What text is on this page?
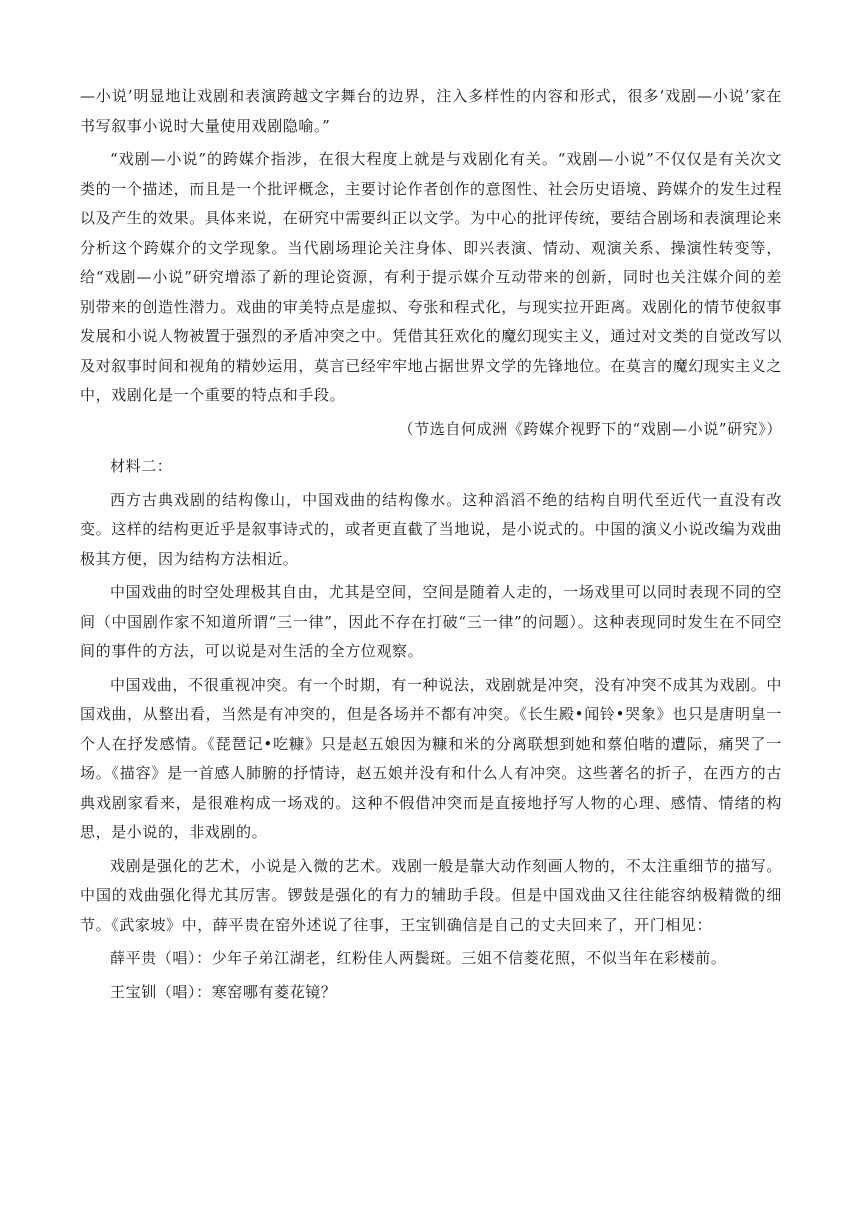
—小说’明显地让戏剧和表演跨越文字舞台的边界，注入多样性的内容和形式，很多‘戏剧—小说’家在书写叙事小说时大量使用戏剧隐喻。”

“戏剧—小说”的跨媒介指涉，在很大程度上就是与戏剧化有关。“戏剧—小说”不仅仅是有关次文类的一个描述，而且是一个批评概念，主要讨论作者创作的意图性、社会历史语境、跨媒介的发生过程以及产生的效果。具体来说，在研究中需要纠正以文学。为中心的批评传统，要结合剧场和表演理论来分析这个跨媒介的文学现象。当代剧场理论关注身体、即兴表演、情动、观演关系、操演性转变等，给“戏剧—小说”研究增添了新的理论资源，有利于提示媒介互动带来的创新，同时也关注媒介间的差别带来的创造性潜力。戏曲的审美特点是虚拟、夸张和程式化，与现实拉开距离。戏剧化的情节使叙事发展和小说人物被置于强烈的矛盾冲突之中。凭借其狂欢化的魔幻现实主义，通过对文类的自觉改写以及对叙事时间和视角的精妙运用，莫言已经牢牢地占据世界文学的先锋地位。在莫言的魔幻现实主义之中，戏剧化是一个重要的特点和手段。

（节选自何成洲《跨媒介视野下的“戏剧—小说”研究》）

材料二：

西方古典戏剧的结构像山，中国戏曲的结构像水。这种滔滔不绝的结构自明代至近代一直没有改变。这样的结构更近乎是叙事诗式的，或者更直截了当地说，是小说式的。中国的演义小说改编为戏曲极其方便，因为结构方法相近。

中国戏曲的时空处理极其自由，尤其是空间，空间是随着人走的，一场戏里可以同时表现不同的空间（中国剧作家不知道所谓“三一律”，因此不存在打破“三一律”的问题）。这种表现同时发生在不同空间的事件的方法，可以说是对生活的全方位观察。

中国戏曲，不很重视冲突。有一个时期，有一种说法，戏剧就是冲突，没有冲突不成其为戏剧。中国戏曲，从整出看，当然是有冲突的，但是各场并不都有冲突。《长生殿•闻铃•哭象》也只是唐明皇一个人在抒发感情。《琵琶记•吃糠》只是赵五娘因为糠和米的分离联想到她和蔡伯喈的遭际，痛哭了一场。《描容》是一首感人肺腑的抒情诗，赵五娘并没有和什么人有冲突。这些著名的折子，在西方的古典戏剧家看来，是很难构成一场戏的。这种不假借冲突而是直接地抒写人物的心理、感情、情绪的构思，是小说的，非戏剧的。

戏剧是强化的艺术，小说是入微的艺术。戏剧一般是靠大动作刻画人物的，不太注重细节的描写。中国的戏曲强化得尤其厉害。锣鼓是强化的有力的辅助手段。但是中国戏曲又往往能容纳极精微的细节。《武家坡》中，薛平贵在窑外述说了往事，王宝钏确信是自己的丈夫回来了，开门相见：

薛平贵（唱）：少年子弟江湖老，红粉佳人两鬓斑。三姐不信菱花照，不似当年在彩楼前。

王宝钏（唱）：寒窑哪有菱花镜？
